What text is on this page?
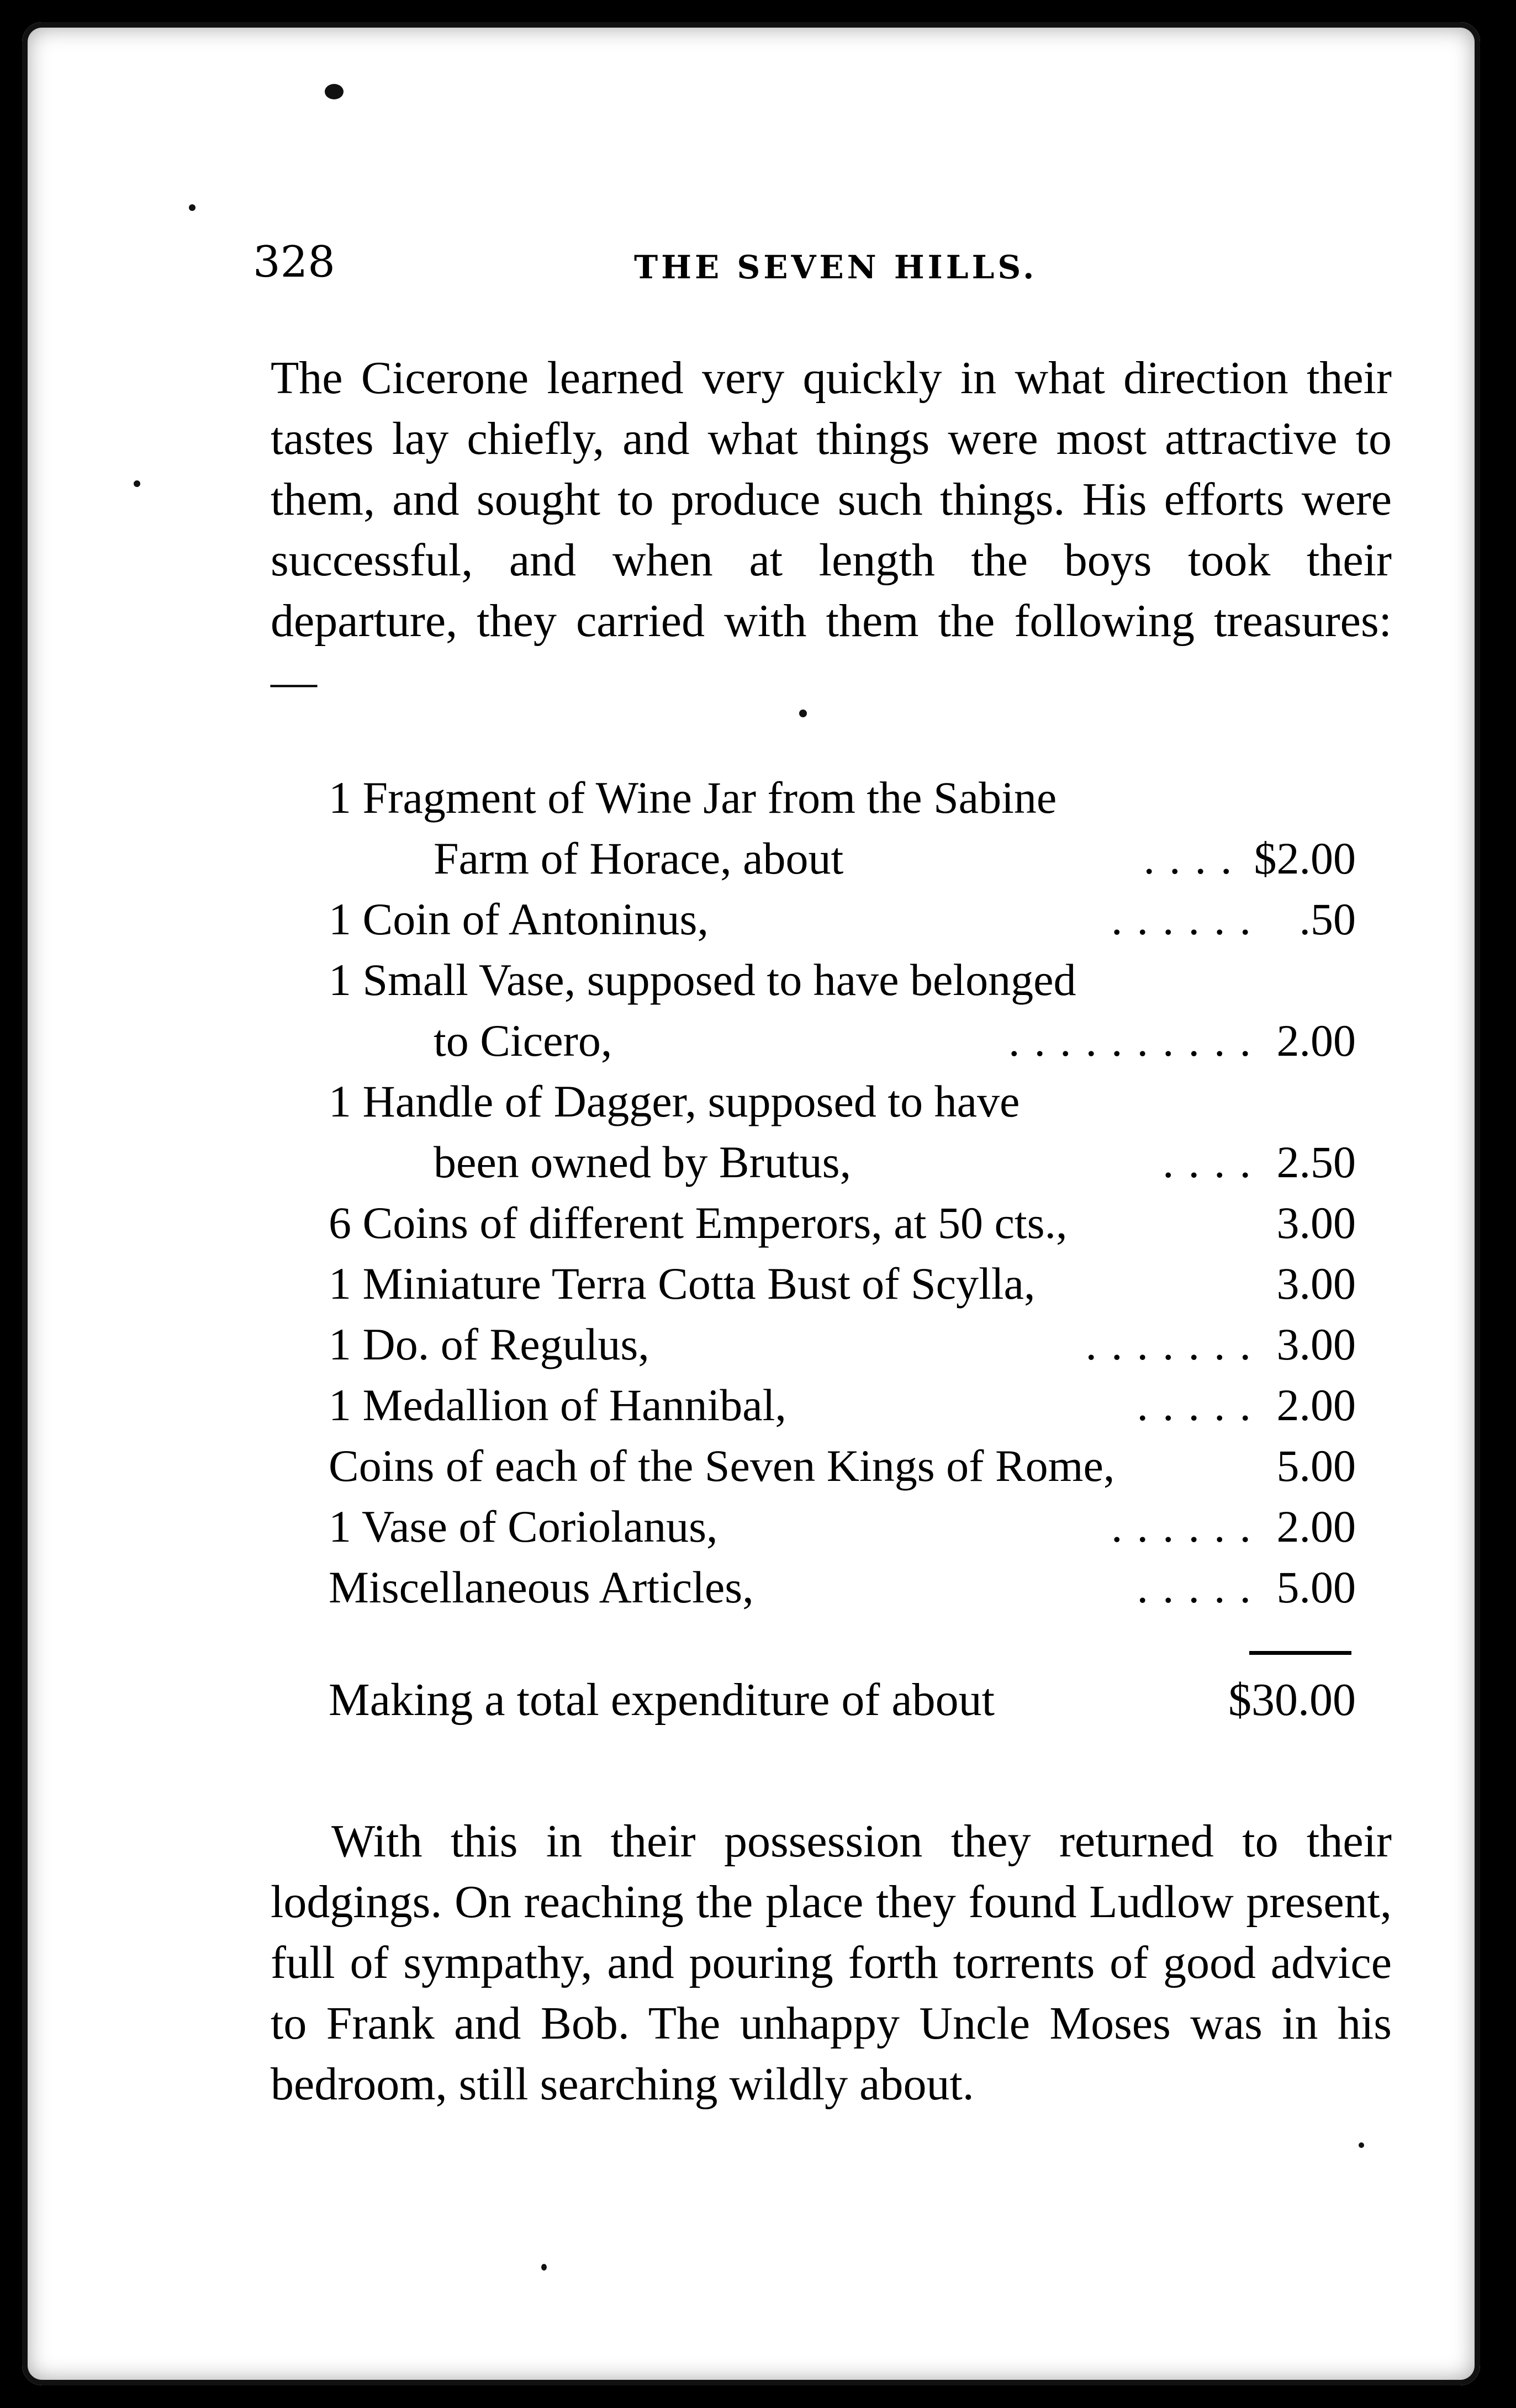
328	THE SEVEN HILLS.
The Cicerone learned very quickly in what direction their tastes lay chiefly, and what things were most attractive to them, and sought to produce such things. His efforts were successful, and when at length the boys took their departure, they carried with them the following treasures: —
1 Fragment of Wine Jar from the Sabine
Farm of Horace, about	.... $2.00
1 Coin of Antoninus,	...... .50
1 Small Vase, supposed to have belonged
to Cicero,	.......... 2.00
1 Handle of Dagger, supposed to have
been owned by Brutus,	.... 2.50
6 Coins of different Emperors, at 50 cts.,	3.00
1 Miniature Terra Cotta Bust of Scylla,	3.00
1 Do. of Regulus,	....... 3.00
1 Medallion of Hannibal,	..... 2.00
Coins of each of the Seven Kings of Rome,	5.00
1 Vase of Coriolanus,	...... 2.00
Miscellaneous Articles,	..... 5.00
Making a total expenditure of about	$30.00
With this in their possession they returned to their lodgings. On reaching the place they found Ludlow present, full of sympathy, and pouring forth torrents of good advice to Frank and Bob. The unhappy Uncle Moses was in his bedroom, still searching wildly about.
